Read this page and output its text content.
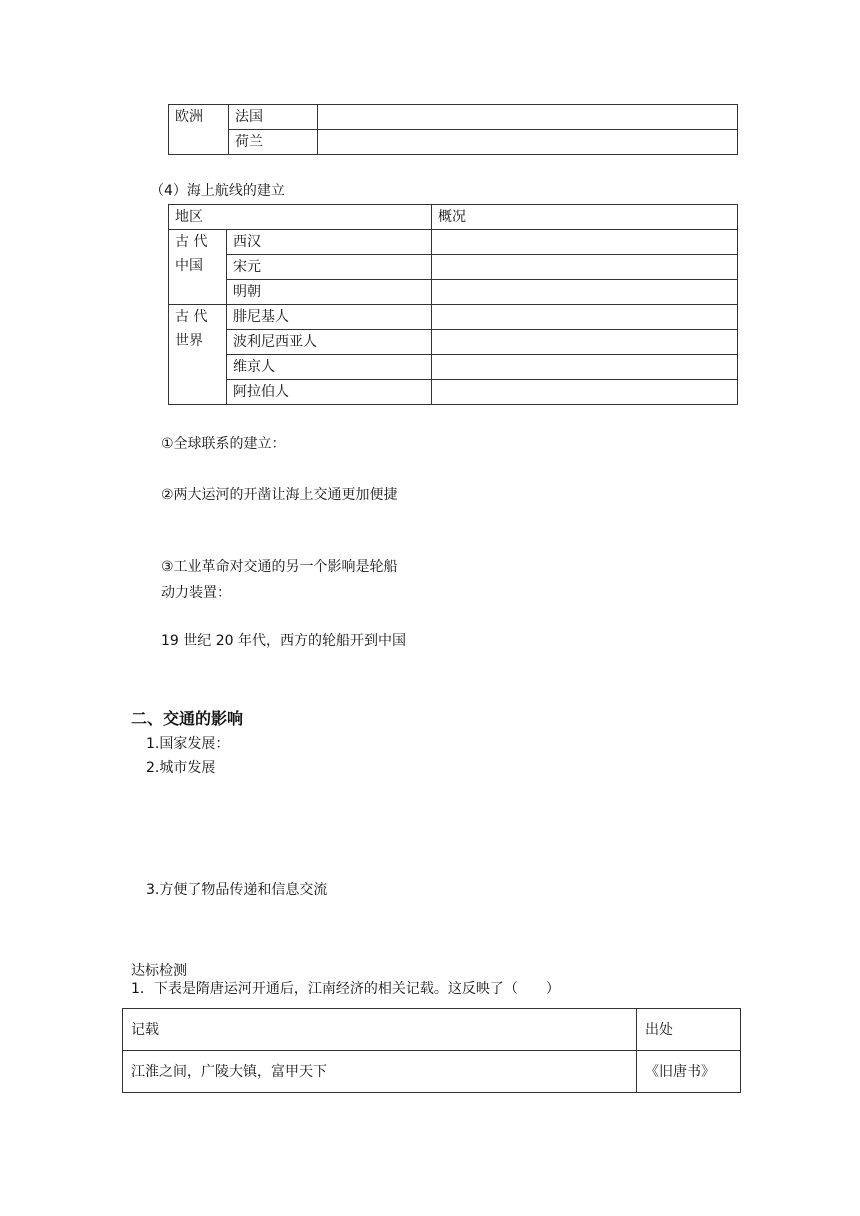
欧洲	法国	
	荷兰	
（4）海上航线的建立
地区		概况

古 代
中国	西汉	
	宋元	
	明朝	

古 代
世界	腓尼基人	
	波利尼西亚人	
	维京人	
	阿拉伯人	
①全球联系的建立：
②两大运河的开凿让海上交通更加便捷
③工业革命对交通的另一个影响是轮船
动力装置：
19 世纪 20 年代，西方的轮船开到中国
二、交通的影响
1.国家发展：
2.城市发展
3.方便了物品传递和信息交流
达标检测
1．下表是隋唐运河开通后，江南经济的相关记载。这反映了（　　）
记载	出处
江淮之间，广陵大镇，富甲天下	《旧唐书》
